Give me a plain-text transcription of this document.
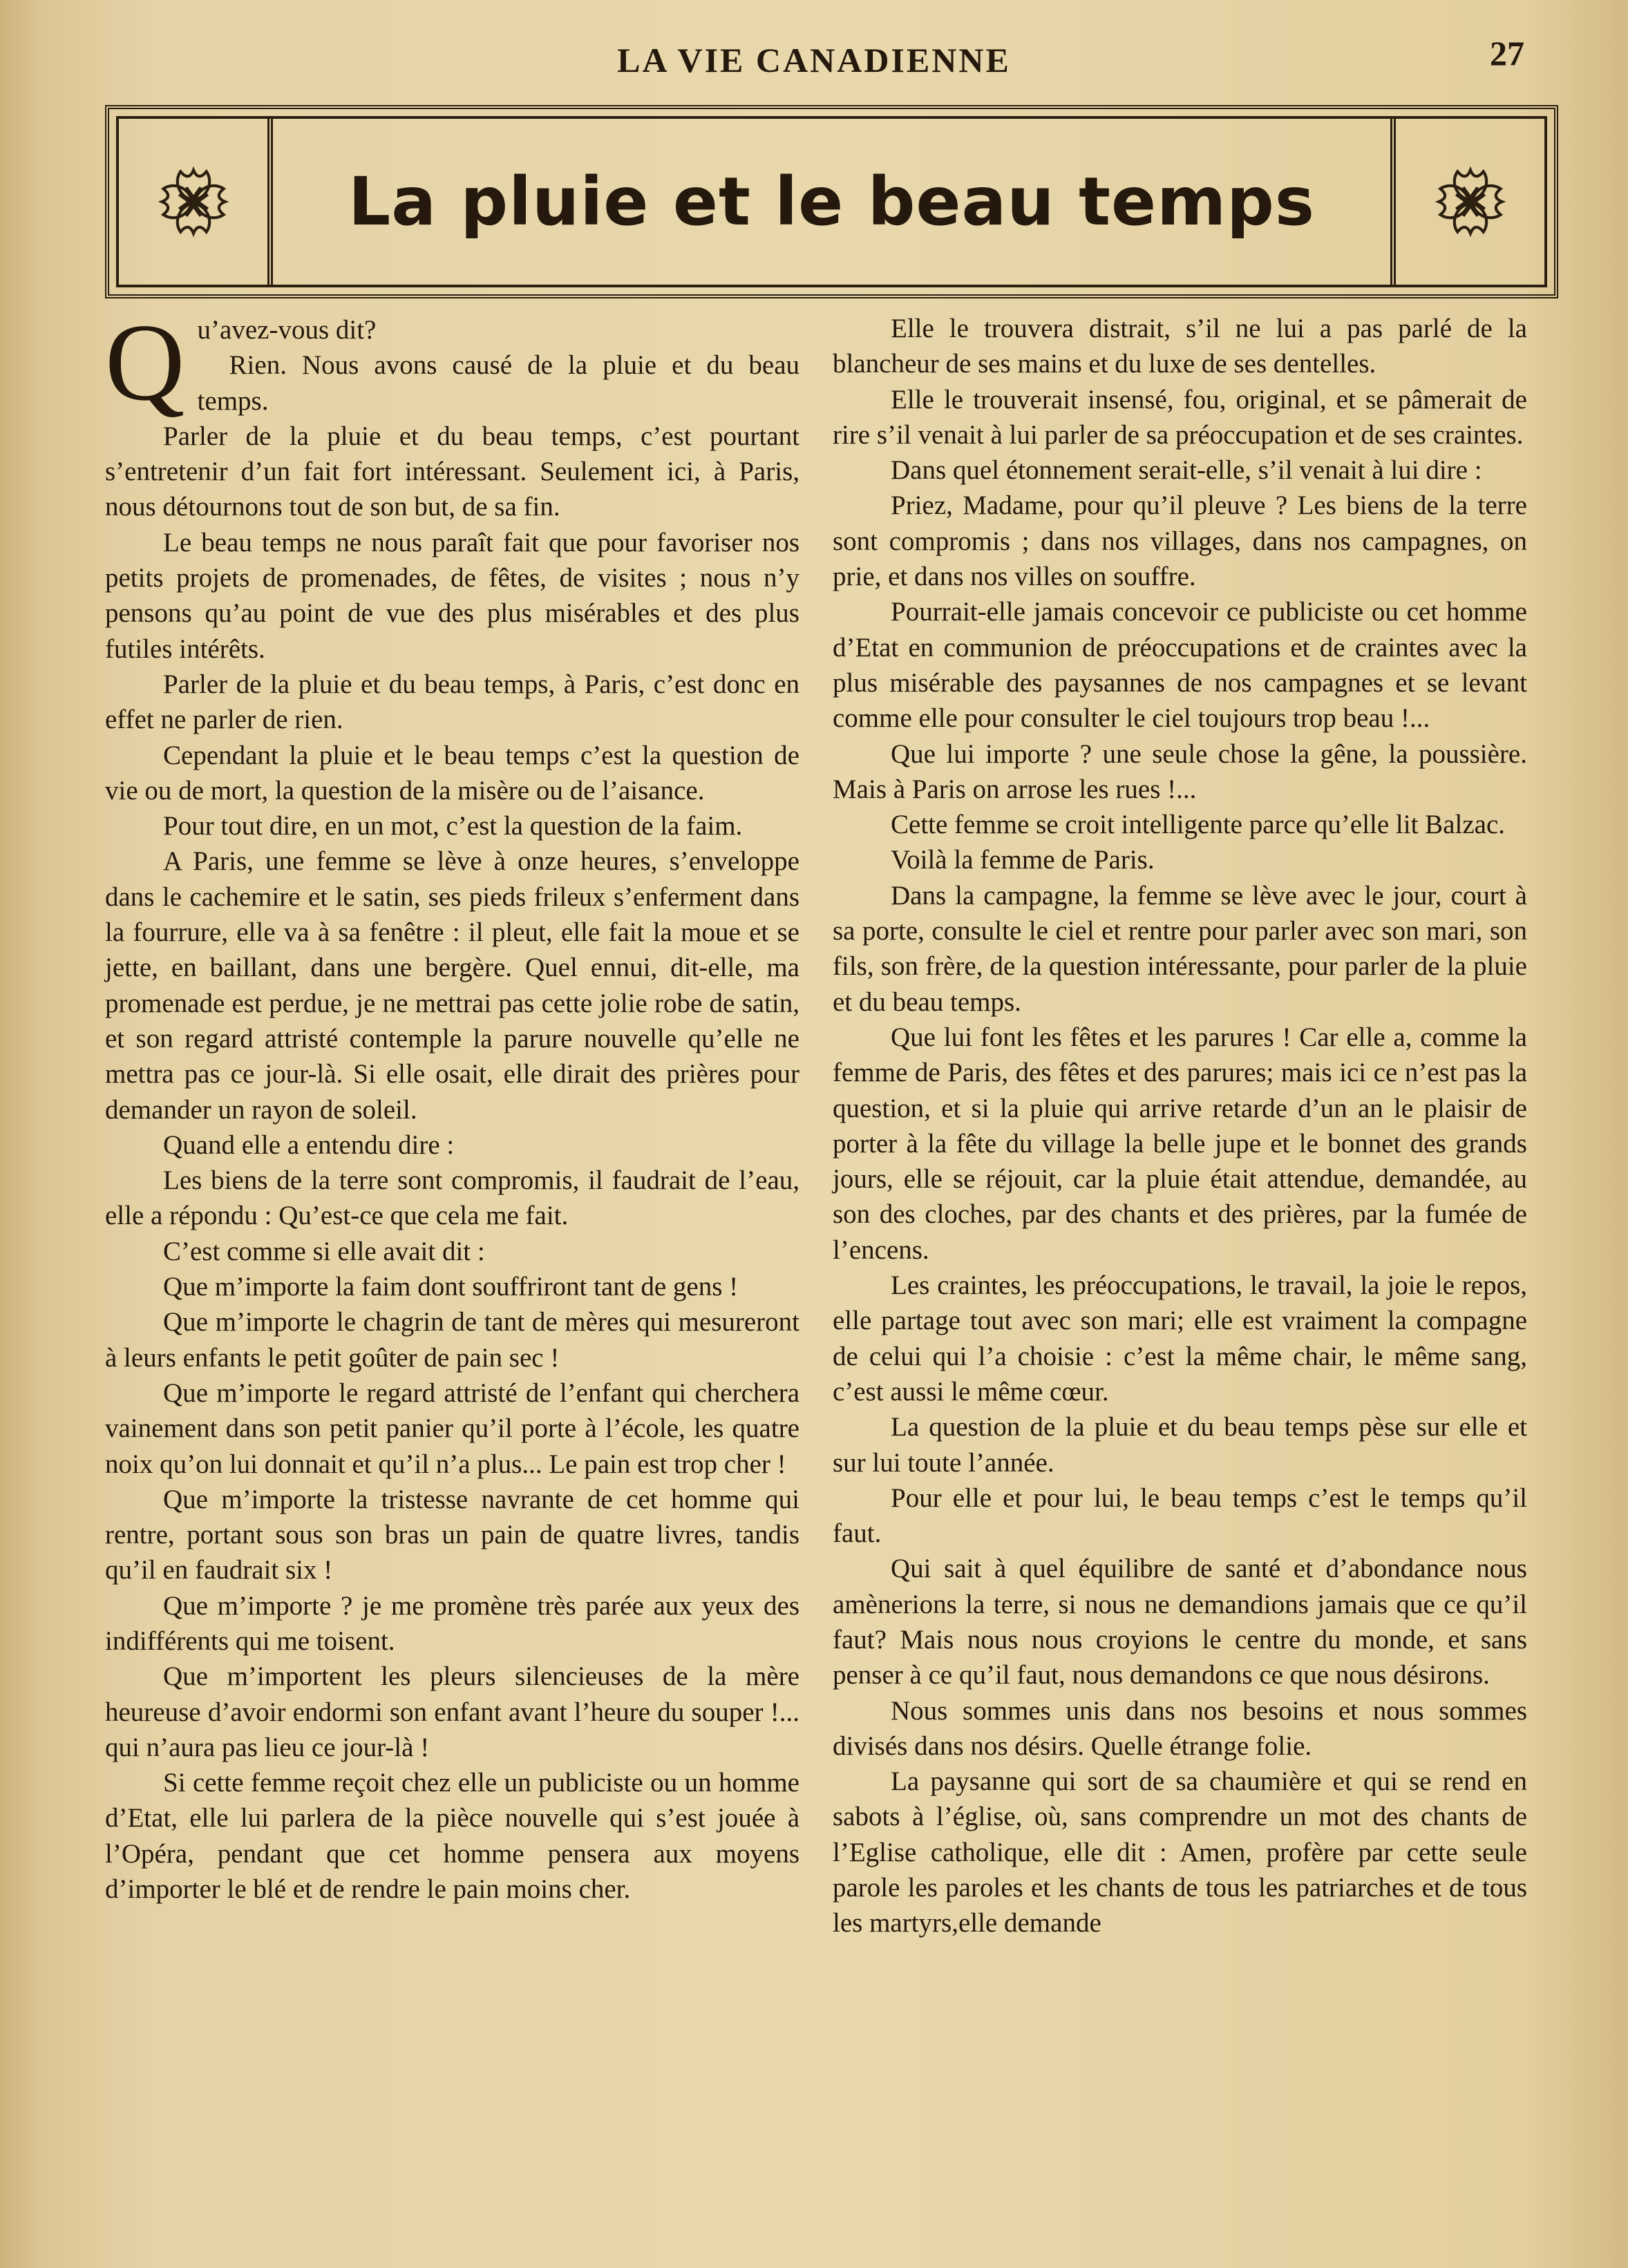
LA VIE CANADIENNE	27
La pluie et le beau temps

Qu’avez-vous dit?
Rien. Nous avons causé de la pluie et du beau temps.

Parler de la pluie et du beau temps, c’est pourtant s’entretenir d’un fait fort intéressant. Seulement ici, à Paris, nous détournons tout de son but, de sa fin.

Le beau temps ne nous paraît fait que pour favoriser nos petits projets de promenades, de fêtes, de visites ; nous n’y pensons qu’au point de vue des plus misérables et des plus futiles intérêts.

Parler de la pluie et du beau temps, à Paris, c’est donc en effet ne parler de rien.

Cependant la pluie et le beau temps c’est la question de vie ou de mort, la question de la misère ou de l’aisance.

Pour tout dire, en un mot, c’est la question de la faim.

A Paris, une femme se lève à onze heures, s’enveloppe dans le cachemire et le satin, ses pieds frileux s’enferment dans la fourrure, elle va à sa fenêtre : il pleut, elle fait la moue et se jette, en baillant, dans une bergère. Quel ennui, dit-elle, ma promenade est perdue, je ne mettrai pas cette jolie robe de satin, et son regard attristé contemple la parure nouvelle qu’elle ne mettra pas ce jour-là. Si elle osait, elle dirait des prières pour demander un rayon de soleil.

Quand elle a entendu dire :

Les biens de la terre sont compromis, il faudrait de l’eau, elle a répondu : Qu’est-ce que cela me fait.

C’est comme si elle avait dit :

Que m’importe la faim dont souffriront tant de gens !

Que m’importe le chagrin de tant de mères qui mesureront à leurs enfants le petit goûter de pain sec !

Que m’importe le regard attristé de l’enfant qui cherchera vainement dans son petit panier qu’il porte à l’école, les quatre noix qu’on lui donnait et qu’il n’a plus... Le pain est trop cher !

Que m’importe la tristesse navrante de cet homme qui rentre, portant sous son bras un pain de quatre livres, tandis qu’il en faudrait six !

Que m’importe ? je me promène très parée aux yeux des indifférents qui me toisent.

Que m’importent les pleurs silencieuses de la mère heureuse d’avoir endormi son enfant avant l’heure du souper !... qui n’aura pas lieu ce jour-là !

Si cette femme reçoit chez elle un publiciste ou un homme d’Etat, elle lui parlera de la pièce nouvelle qui s’est jouée à l’Opéra, pendant que cet homme pensera aux moyens d’importer le blé et de rendre le pain moins cher.

Elle le trouvera distrait, s’il ne lui a pas parlé de la blancheur de ses mains et du luxe de ses dentelles.

Elle le trouverait insensé, fou, original, et se pâmerait de rire s’il venait à lui parler de sa préoccupation et de ses craintes.

Dans quel étonnement serait-elle, s’il venait à lui dire :

Priez, Madame, pour qu’il pleuve ? Les biens de la terre sont compromis ; dans nos villages, dans nos campagnes, on prie, et dans nos villes on souffre.

Pourrait-elle jamais concevoir ce publiciste ou cet homme d’Etat en communion de préoccupations et de craintes avec la plus misérable des paysannes de nos campagnes et se levant comme elle pour consulter le ciel toujours trop beau !...

Que lui importe ? une seule chose la gêne, la poussière. Mais à Paris on arrose les rues !...

Cette femme se croit intelligente parce qu’elle lit Balzac.

Voilà la femme de Paris.

Dans la campagne, la femme se lève avec le jour, court à sa porte, consulte le ciel et rentre pour parler avec son mari, son fils, son frère, de la question intéressante, pour parler de la pluie et du beau temps.

Que lui font les fêtes et les parures ! Car elle a, comme la femme de Paris, des fêtes et des parures; mais ici ce n’est pas la question, et si la pluie qui arrive retarde d’un an le plaisir de porter à la fête du village la belle jupe et le bonnet des grands jours, elle se réjouit, car la pluie était attendue, demandée, au son des cloches, par des chants et des prières, par la fumée de l’encens.

Les craintes, les préoccupations, le travail, la joie le repos, elle partage tout avec son mari; elle est vraiment la compagne de celui qui l’a choisie : c’est la même chair, le même sang, c’est aussi le même cœur.

La question de la pluie et du beau temps pèse sur elle et sur lui toute l’année.

Pour elle et pour lui, le beau temps c’est le temps qu’il faut.

Qui sait à quel équilibre de santé et d’abondance nous amènerions la terre, si nous ne demandions jamais que ce qu’il faut? Mais nous nous croyions le centre du monde, et sans penser à ce qu’il faut, nous demandons ce que nous désirons.

Nous sommes unis dans nos besoins et nous sommes divisés dans nos désirs. Quelle étrange folie.

La paysanne qui sort de sa chaumière et qui se rend en sabots à l’église, où, sans comprendre un mot des chants de l’Eglise catholique, elle dit : Amen, profère par cette seule parole les paroles et les chants de tous les patriarches et de tous les martyrs,elle demande
